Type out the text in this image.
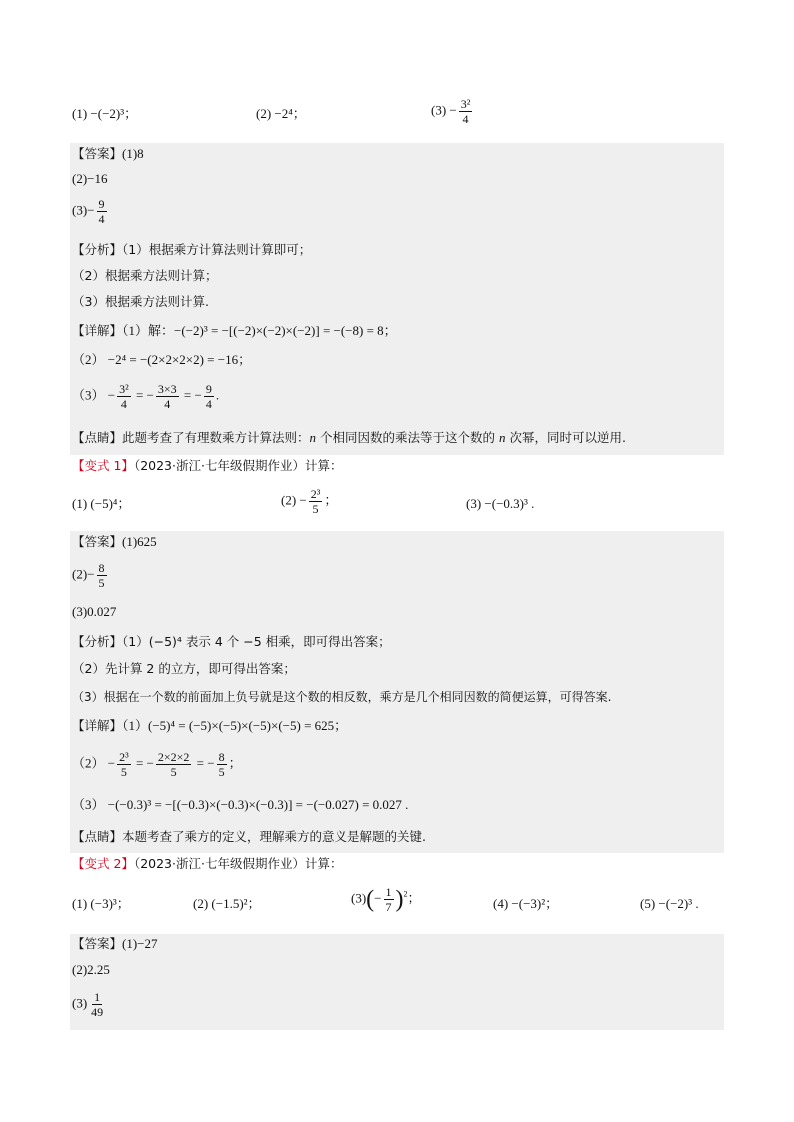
(1) −(−2)³；	(2) −2⁴；	$(3) - \frac{\text{3²}}{4}$
【答案】(1)8
(2)−16
$(3)- \frac{9}{4}$
【分析】（1）根据乘方计算法则计算即可；
（2）根据乘方法则计算；
（3）根据乘方法则计算.
【详解】（1）解：−(−2)³ = −[(−2)×(−2)×(−2)] = −(−8) = 8；
（2） −2⁴ = −(2×2×2×2) = −16；
$(3) - \frac{\text{3²}}{4}$ = − $\frac{3\times 3}{4}$ = − $\frac{9}{4}$ .
【点睛】此题考查了有理数乘方计算法则：n 个相同因数的乘法等于这个数的 n 次幂，同时可以逆用.
【变式 1】（2023·浙江·七年级假期作业）计算：
(1) (−5)⁴；	$(2) - \frac{\text{2³}}{5}$ ；	(3) −(−0.3)³ .
【答案】(1)625
$(2)- \frac{8}{5}$
(3)0.027
【分析】（1）(−5)⁴ 表示 4 个 −5 相乘，即可得出答案；
（2）先计算 2 的立方，即可得出答案；
（3）根据在一个数的前面加上负号就是这个数的相反数，乘方是几个相同因数的简便运算，可得答案.
【详解】（1）(−5)⁴ = (−5)×(−5)×(−5)×(−5) = 625；
$(2) - \frac{\text{2³}}{5}$ = − $\frac{2\times 2\times 2}{5}$ = − $\frac{8}{5}$ ；
（3） −(−0.3)³ = −[(−0.3)×(−0.3)×(−0.3)] = −(−0.027) = 0.027 .
【点睛】本题考查了乘方的定义，理解乘方的意义是解题的关键.
【变式 2】（2023·浙江·七年级假期作业）计算：
(1) (−3)³；	(2) (−1.5)²；	$(3)(- \frac{1}{7} )^2$；	(4) −(−3)²；	(5) −(−2)³ .
【答案】(1)−27
(2)2.25
$(3) \frac{1}{49}$
